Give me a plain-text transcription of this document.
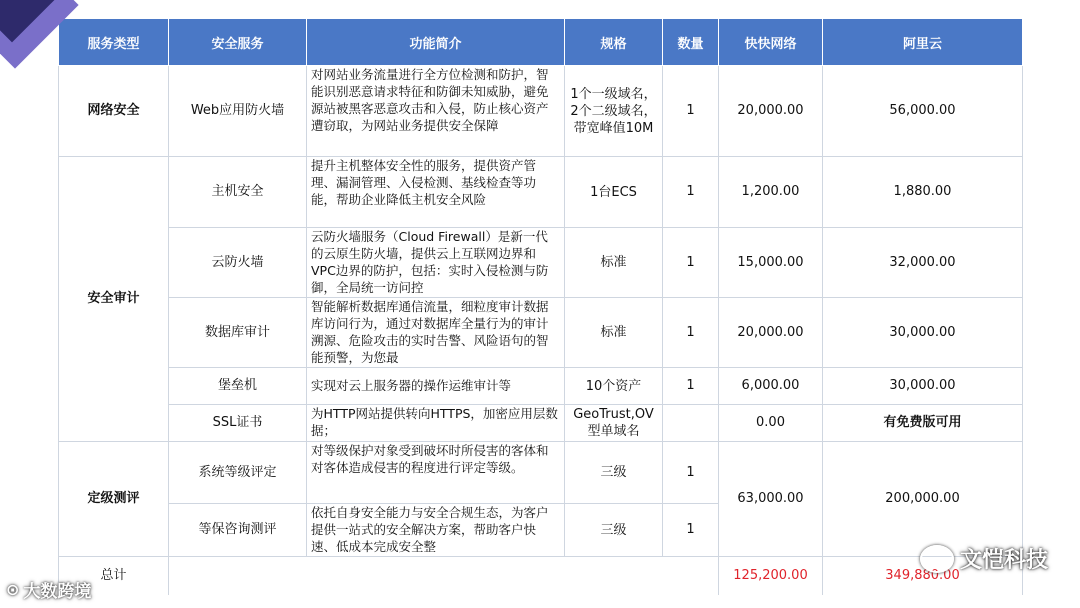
服务类型	安全服务	功能简介	规格	数量	快快网络	阿里云
网络安全	Web应用防火墙	对网站业务流量进行全方位检测和防护，智能识别恶意请求特征和防御未知威胁，避免源站被黑客恶意攻击和入侵，防止核心资产遭窃取，为网站业务提供安全保障	1个一级域名，2个二级域名， 带宽峰值10M	1	20,000.00	56,000.00
安全审计	主机安全	提升主机整体安全性的服务，提供资产管理、漏洞管理、入侵检测、基线检查等功能，帮助企业降低主机安全风险	1台ECS	1	1,200.00	1,880.00
	云防火墙	云防火墙服务（Cloud Firewall）是新一代的云原生防火墙，提供云上互联网边界和VPC边界的防护，包括：实时入侵检测与防御，全局统一访问控	标准	1	15,000.00	32,000.00
	数据库审计	智能解析数据库通信流量，细粒度审计数据库访问行为，通过对数据库全量行为的审计溯源、危险攻击的实时告警、风险语句的智能预警，为您最	标准	1	20,000.00	30,000.00
	堡垒机	实现对云上服务器的操作运维审计等	10个资产	1	6,000.00	30,000.00
	SSL证书	为HTTP网站提供转向HTTPS，加密应用层数据；	GeoTrust,OV型单域名		0.00	有免费版可用
定级测评	系统等级评定	对等级保护对象受到破坏时所侵害的客体和对客体造成侵害的程度进行评定等级。	三级	1	63,000.00	200,000.00
	等保咨询测评	依托自身安全能力与安全合规生态，为客户提供一站式的安全解决方案，帮助客户快速、低成本完成安全整	三级	1		
总计					125,200.00	349,880.00
⊙ 大数跨境
文恺科技
